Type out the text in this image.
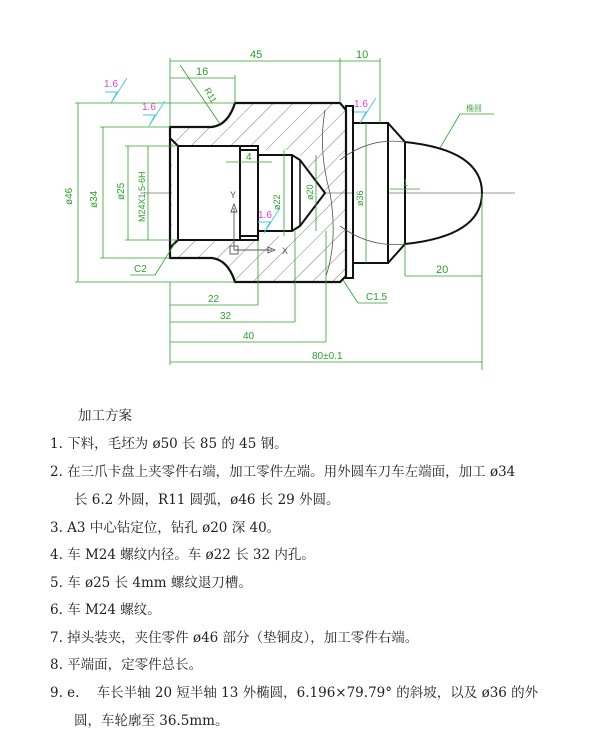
Y
X
45	10
16
R11
ø46 ø34 ø25 M24X1.5-6H
4
ø22
ø20	ø36
1
20
C2
C1.5
22
32
40
80±0.1
椭圆
1.6
1.6	1.6
1.6
加工方案
1. 下料，毛坯为 ø50 长 85 的 45 钢。
2. 在三爪卡盘上夹零件右端，加工零件左端。用外圆车刀车左端面，加工 ø34
长 6.2 外圆，R11 圆弧，ø46 长 29 外圆。
3. A3 中心钻定位，钻孔 ø20 深 40。
4. 车 M24 螺纹内径。车 ø22 长 32 内孔。
5. 车 ø25 长 4mm 螺纹退刀槽。
6. 车 M24 螺纹。
7. 掉头装夹，夹住零件 ø46 部分（垫铜皮），加工零件右端。
8. 平端面，定零件总长。
9. e.    车长半轴 20 短半轴 13 外椭圆，6.196×79.79° 的斜坡，以及 ø36 的外
圆，车轮廓至 36.5mm。
